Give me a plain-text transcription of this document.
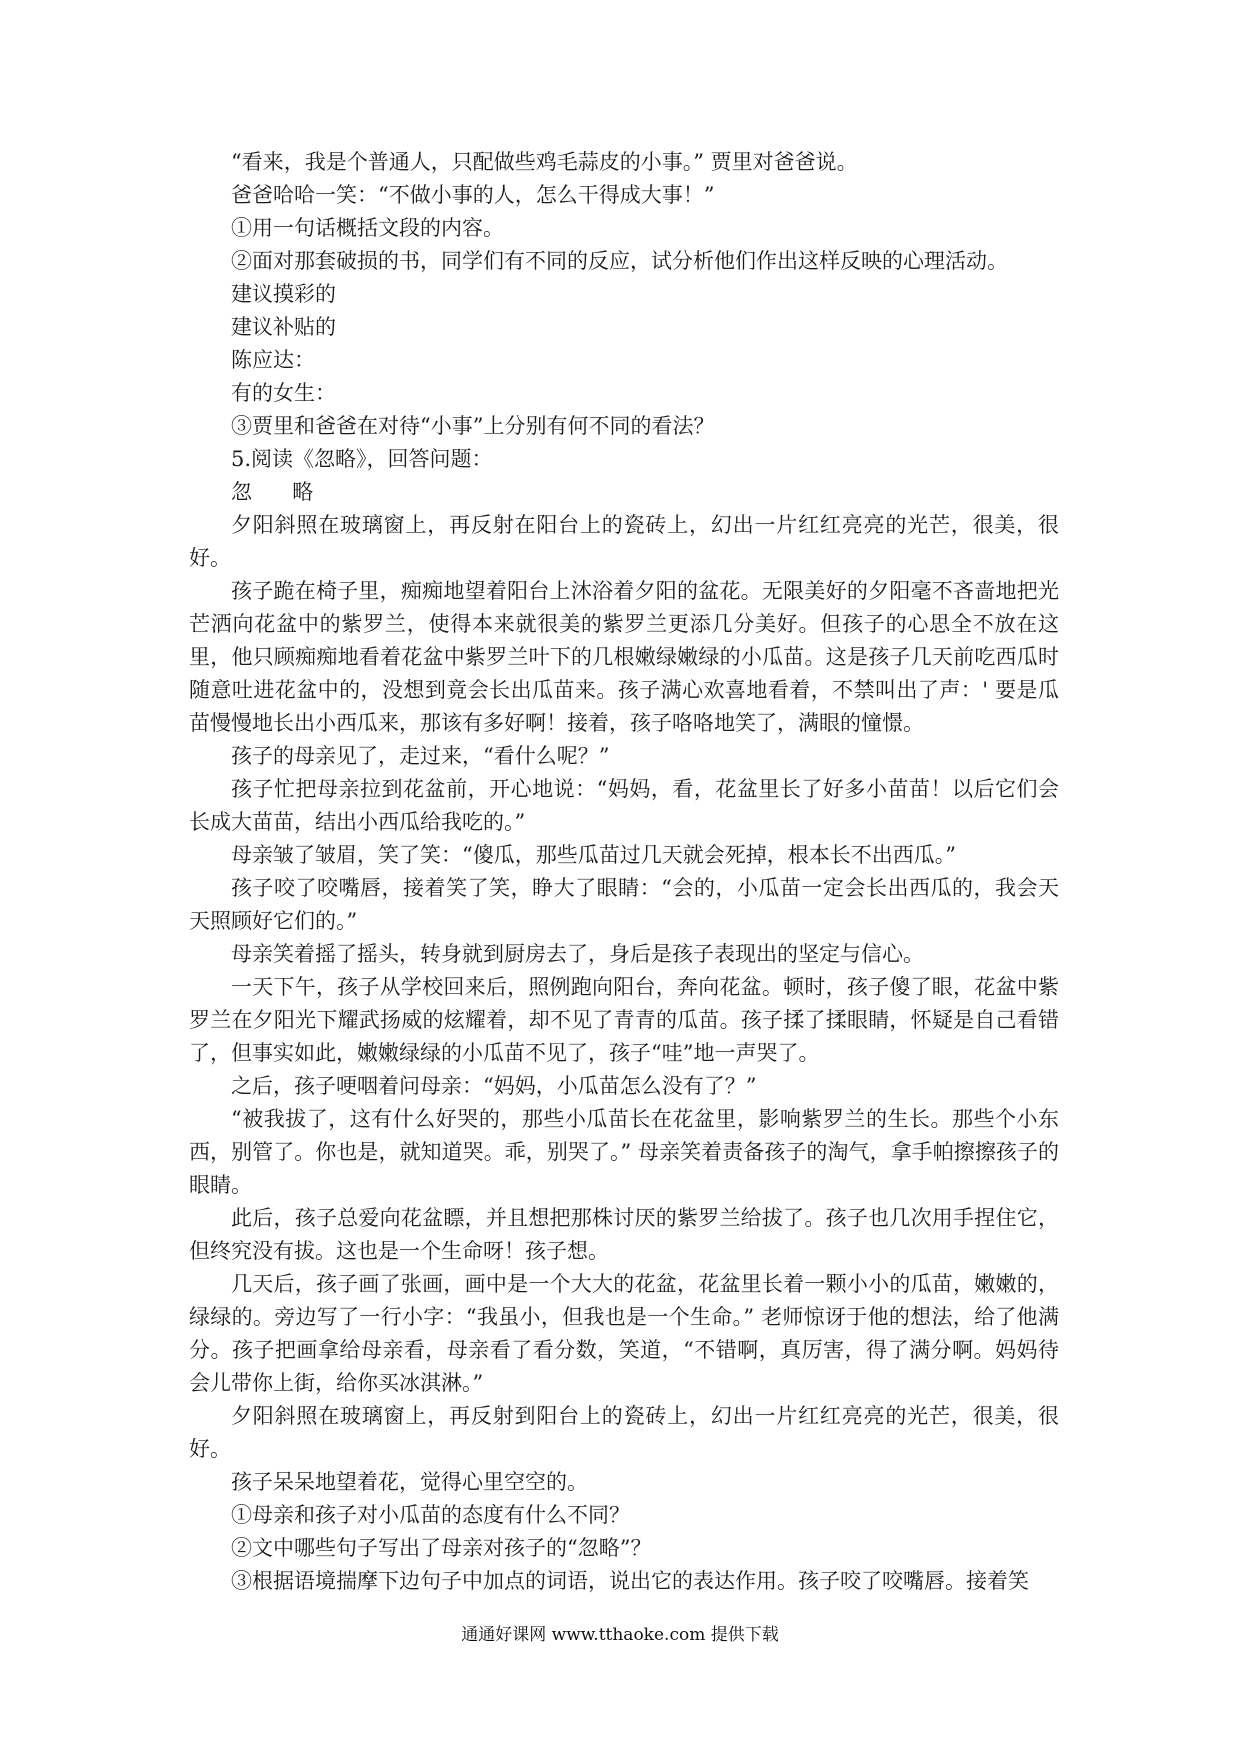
“看来，我是个普通人，只配做些鸡毛蒜皮的小事。” 贾里对爸爸说。

爸爸哈哈一笑：“不做小事的人，怎么干得成大事！”

①用一句话概括文段的内容。

②面对那套破损的书，同学们有不同的反应，试分析他们作出这样反映的心理活动。

建议摸彩的

建议补贴的

陈应达：

有的女生：

③贾里和爸爸在对待“小事”上分别有何不同的看法？

5.阅读《忽略》，回答问题：

忽 略

夕阳斜照在玻璃窗上，再反射在阳台上的瓷砖上，幻出一片红红亮亮的光芒，很美，很好。

孩子跪在椅子里，痴痴地望着阳台上沐浴着夕阳的盆花。无限美好的夕阳毫不吝啬地把光芒洒向花盆中的紫罗兰，使得本来就很美的紫罗兰更添几分美好。但孩子的心思全不放在这里，他只顾痴痴地看着花盆中紫罗兰叶下的几根嫩绿嫩绿的小瓜苗。这是孩子几天前吃西瓜时随意吐进花盆中的，没想到竟会长出瓜苗来。孩子满心欢喜地看着，不禁叫出了声：' 要是瓜苗慢慢地长出小西瓜来，那该有多好啊！接着，孩子咯咯地笑了，满眼的憧憬。

孩子的母亲见了，走过来，“看什么呢？”

孩子忙把母亲拉到花盆前，开心地说：“妈妈，看，花盆里长了好多小苗苗！以后它们会长成大苗苗，结出小西瓜给我吃的。”

母亲皱了皱眉，笑了笑：“傻瓜，那些瓜苗过几天就会死掉，根本长不出西瓜。”

孩子咬了咬嘴唇，接着笑了笑，睁大了眼睛：“会的，小瓜苗一定会长出西瓜的，我会天天照顾好它们的。”

母亲笑着摇了摇头，转身就到厨房去了，身后是孩子表现出的坚定与信心。

一天下午，孩子从学校回来后，照例跑向阳台，奔向花盆。顿时，孩子傻了眼，花盆中紫罗兰在夕阳光下耀武扬威的炫耀着，却不见了青青的瓜苗。孩子揉了揉眼睛，怀疑是自己看错了，但事实如此，嫩嫩绿绿的小瓜苗不见了，孩子“哇”地一声哭了。

之后，孩子哽咽着问母亲：“妈妈，小瓜苗怎么没有了？”

“被我拔了，这有什么好哭的，那些小瓜苗长在花盆里，影响紫罗兰的生长。那些个小东西，别管了。你也是，就知道哭。乖，别哭了。” 母亲笑着责备孩子的淘气，拿手帕擦擦孩子的眼睛。

此后，孩子总爱向花盆瞟，并且想把那株讨厌的紫罗兰给拔了。孩子也几次用手捏住它，但终究没有拔。这也是一个生命呀！孩子想。

几天后，孩子画了张画，画中是一个大大的花盆，花盆里长着一颗小小的瓜苗，嫩嫩的，绿绿的。旁边写了一行小字：“我虽小，但我也是一个生命。” 老师惊讶于他的想法，给了他满分。孩子把画拿给母亲看，母亲看了看分数，笑道，“不错啊，真厉害，得了满分啊。妈妈待会儿带你上街，给你买冰淇淋。”

夕阳斜照在玻璃窗上，再反射到阳台上的瓷砖上，幻出一片红红亮亮的光芒，很美，很好。

孩子呆呆地望着花，觉得心里空空的。

①母亲和孩子对小瓜苗的态度有什么不同？

②文中哪些句子写出了母亲对孩子的“忽略”？

③根据语境揣摩下边句子中加点的词语，说出它的表达作用。孩子咬了咬嘴唇。接着笑

通通好课网 www.tthaoke.com 提供下载
